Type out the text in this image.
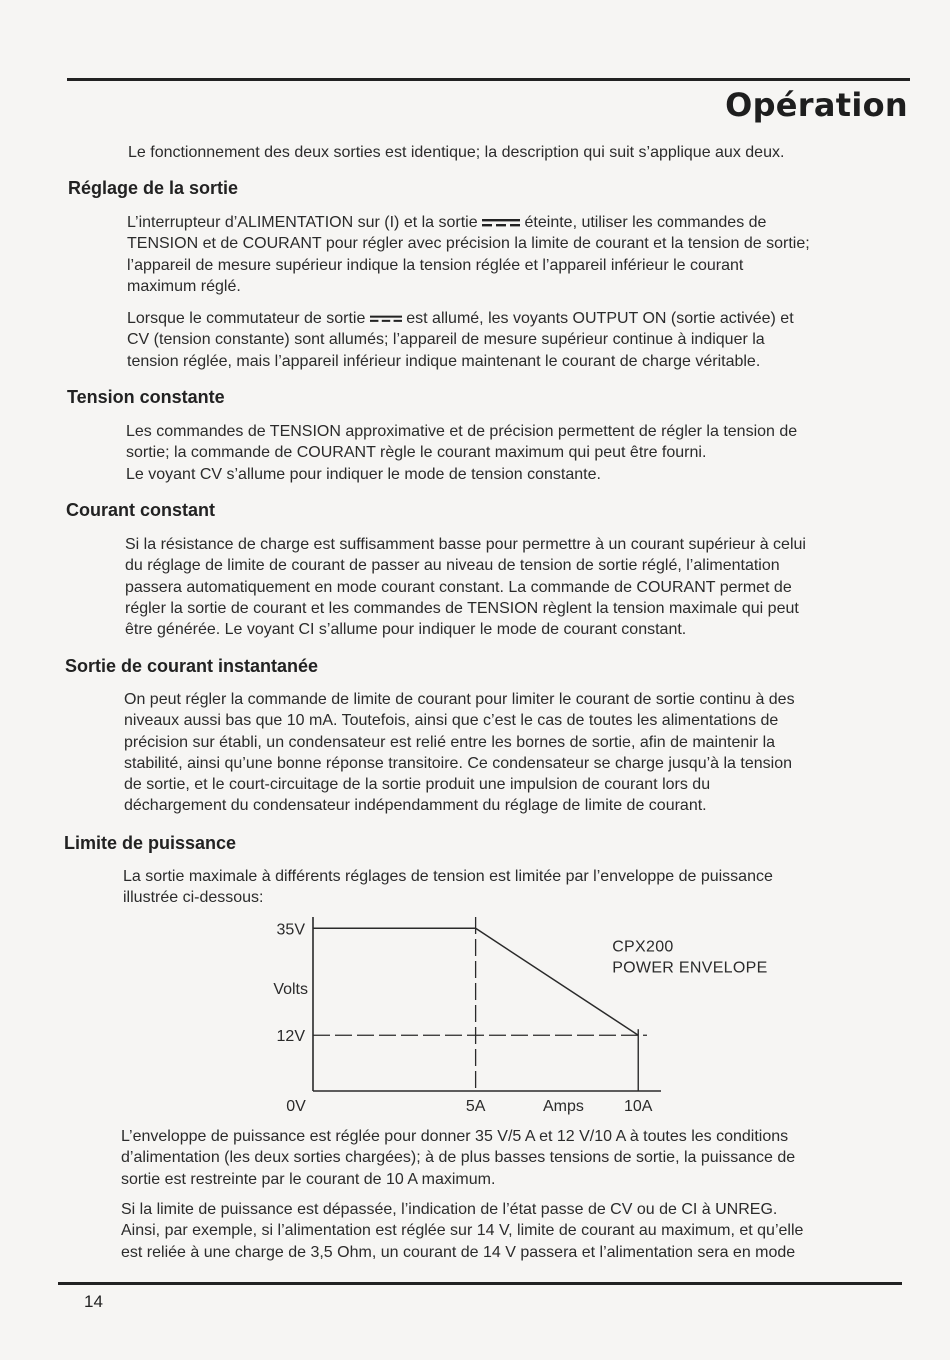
Opération
Le fonctionnement des deux sorties est identique; la description qui suit s’applique aux deux.
Réglage de la sortie
L’interrupteur d’ALIMENTATION sur (I) et la sortie	éteinte, utiliser les commandes de
TENSION et de COURANT pour régler avec précision la limite de courant et la tension de sortie;
l’appareil de mesure supérieur indique la tension réglée et l’appareil inférieur le courant
maximum réglé.
Lorsque le commutateur de sortie	est allumé, les voyants OUTPUT ON (sortie activée) et
CV (tension constante) sont allumés; l’appareil de mesure supérieur continue à indiquer la
tension réglée, mais l’appareil inférieur indique maintenant le courant de charge véritable.
Tension constante
Les commandes de TENSION approximative et de précision permettent de régler la tension de
sortie; la commande de COURANT règle le courant maximum qui peut être fourni.
Le voyant CV s’allume pour indiquer le mode de tension constante.
Courant constant
Si la résistance de charge est suffisamment basse pour permettre à un courant supérieur à celui
du réglage de limite de courant de passer au niveau de tension de sortie réglé, l’alimentation
passera automatiquement en mode courant constant. La commande de COURANT permet de
régler la sortie de courant et les commandes de TENSION règlent la tension maximale qui peut
être générée. Le voyant CI s’allume pour indiquer le mode de courant constant.
Sortie de courant instantanée
On peut régler la commande de limite de courant pour limiter le courant de sortie continu à des
niveaux aussi bas que 10 mA. Toutefois, ainsi que c’est le cas de toutes les alimentations de
précision sur établi, un condensateur est relié entre les bornes de sortie, afin de maintenir la
stabilité, ainsi qu’une bonne réponse transitoire. Ce condensateur se charge jusqu’à la tension
de sortie, et le court-circuitage de la sortie produit une impulsion de courant lors du
déchargement du condensateur indépendamment du réglage de limite de courant.
Limite de puissance
La sortie maximale à différents réglages de tension est limitée par l’enveloppe de puissance
illustrée ci-dessous:
12V
35V
0V	5A	10A
Volts
Amps
CPX200
POWER ENVELOPE
L’enveloppe de puissance est réglée pour donner 35 V/5 A et 12 V/10 A à toutes les conditions
d’alimentation (les deux sorties chargées); à de plus basses tensions de sortie, la puissance de
sortie est restreinte par le courant de 10 A maximum.
Si la limite de puissance est dépassée, l’indication de l’état passe de CV ou de CI à UNREG.
Ainsi, par exemple, si l’alimentation est réglée sur 14 V, limite de courant au maximum, et qu’elle
est reliée à une charge de 3,5 Ohm, un courant de 14 V passera et l’alimentation sera en mode
14
